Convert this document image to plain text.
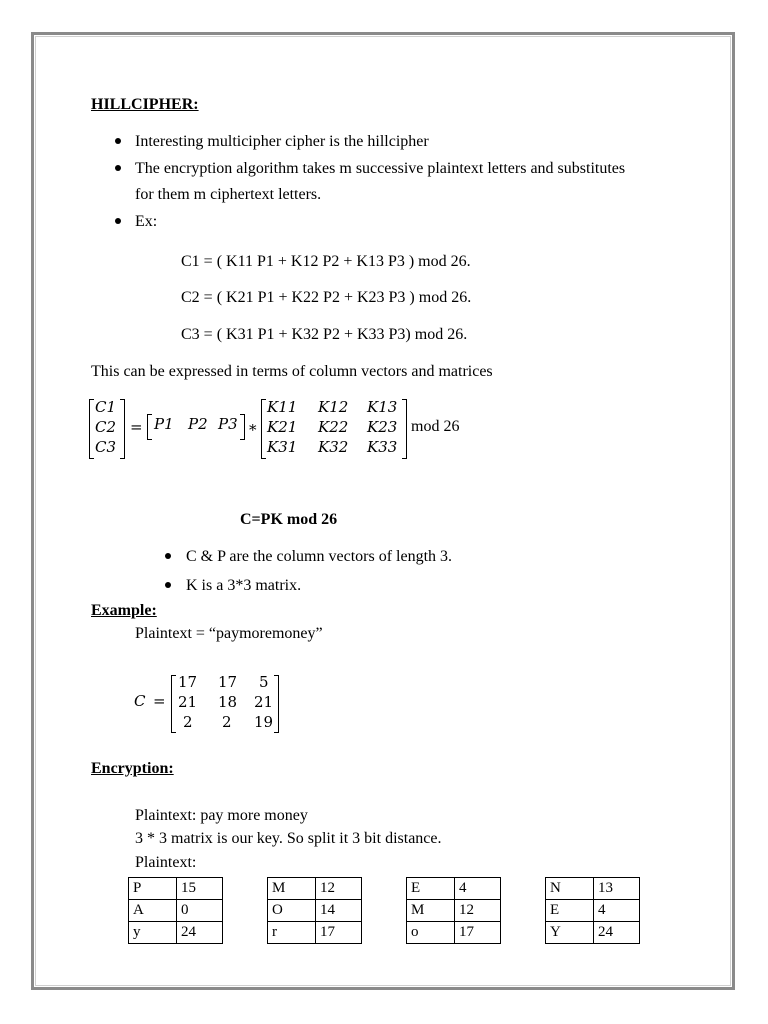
HILLCIPHER:
Interesting multicipher cipher is the hillcipher
The encryption algorithm takes m successive plaintext letters and substitutes
for them m ciphertext letters.
Ex:
C1 = ( K11 P1 + K12 P2 + K13 P3 ) mod 26.
C2 = ( K21 P1 + K22 P2 + K23 P3 ) mod 26.
C3 = ( K31 P1 + K32 P2 + K33 P3) mod 26.
This can be expressed in terms of column vectors and matrices
C1
C2
C3
= P1 P2 P3 *
K11 K12 K13
K21 K22 K23
K31 K32 K33
mod 26
C=PK mod 26
C & P are the column vectors of length 3.
K is a 3*3 matrix.
Example:
Plaintext = “paymoremoney”
C =
17 17 5
21 18 21
2 2 19
Encryption:
Plaintext: pay more money
3 * 3 matrix is our key. So split it 3 bit distance.
Plaintext:
P	15
A	0
y	24
M	12
O	14
r	17
E	4
M	12
o	17
N	13
E	4
Y	24
